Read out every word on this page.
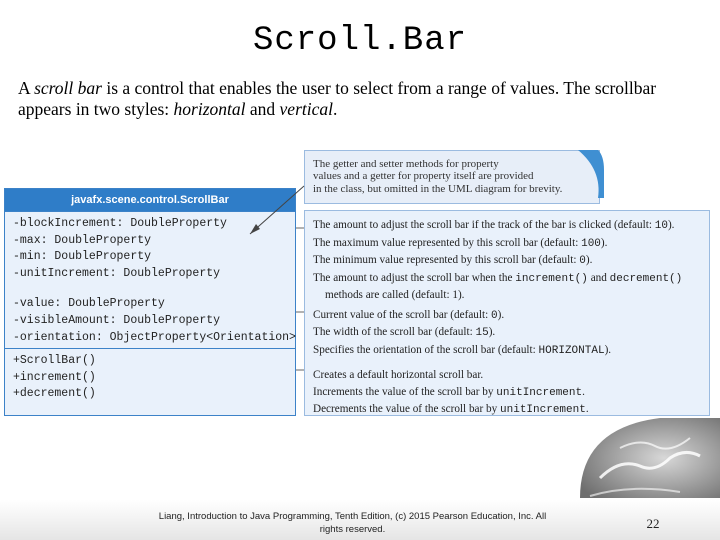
Scroll.Bar
A scroll bar is a control that enables the user to select from a range of values. The scrollbar appears in two styles: horizontal and vertical.
The getter and setter methods for property
values and a getter for property itself are provided
in the class, but omitted in the UML diagram for brevity.
javafx.scene.control.ScrollBar
-blockIncrement: DoubleProperty
-max: DoubleProperty
-min: DoubleProperty
-unitIncrement: DoubleProperty
-value: DoubleProperty
-visibleAmount: DoubleProperty
-orientation: ObjectProperty<Orientation>
+ScrollBar()
+increment()
+decrement()
The amount to adjust the scroll bar if the track of the bar is clicked (default: 10).
The maximum value represented by this scroll bar (default: 100).
The minimum value represented by this scroll bar (default: 0).
The amount to adjust the scroll bar when the increment() and decrement()
methods are called (default: 1).
Current value of the scroll bar (default: 0).
The width of the scroll bar (default: 15).
Specifies the orientation of the scroll bar (default: HORIZONTAL).
Creates a default horizontal scroll bar.
Increments the value of the scroll bar by unitIncrement.
Decrements the value of the scroll bar by unitIncrement.
Liang, Introduction to Java Programming, Tenth Edition, (c) 2015 Pearson Education, Inc. All
rights reserved.	22
